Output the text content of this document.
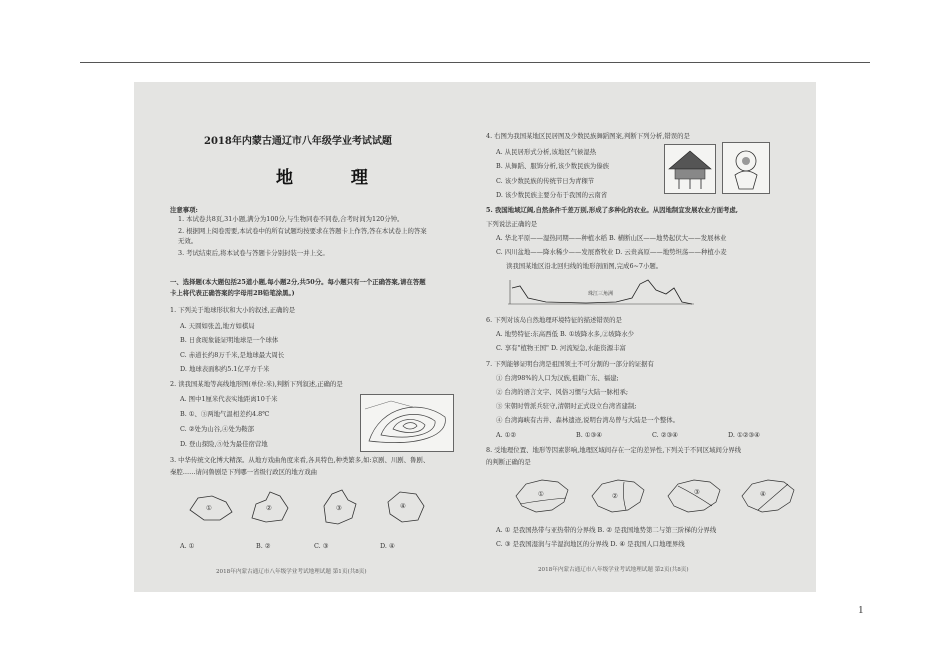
1
2018年内蒙古通辽市八年级学业考试试题
地 理
注意事项:
1. 本试卷共8页,31小题,满分为100分,与生物同卷不同卷,合考时间为120分钟。
2. 根据网上阅卷需要,本试卷中的所有试题均按要求在答题卡上作答,答在本试卷上的答案
无效。
3. 考试结束后,将本试卷与答题卡分别封装一并上交。
一、选择题(本大题包括25道小题,每小题2分,共50分。每小题只有一个正确答案,请在答题
卡上将代表正确答案的字母用2B铅笔涂黑。)
1. 下列关于地球形状和大小的叙述,正确的是
A. 天圆如张盖,地方如棋局
B. 日食现象能证明地球是一个球体
C. 赤道长约8万千米,是地球最大周长
D. 地球表面积约5.1亿平方千米
2. 读我国某地等高线地形图(单位:米),判断下列叙述,正确的是
A. 图中1厘米代表实地距离10千米
B. ①、③两地气温相差约4.8℃
C. ②处为山谷,④处为鞍部
D. 登山探险,⑤处为最佳宿营地
3. 中华传统文化博大精深。从地方戏曲角度来看,各具特色,种类繁多,如:京剧、川剧、鲁剧、
秦腔……请问鲁剧是下列哪一省级行政区的地方戏曲
①	②	③	④
A. ①	B. ②	C. ③	D. ④
2018年内蒙古通辽市八年级学业考试地理试题 第1页(共8页)
4. 右图为我国某地区民居图及少数民族舞蹈图案,判断下列分析,错误的是
A. 从民居形式分析,该地区气候湿热
B. 从舞蹈、服饰分析,该少数民族为傣族
C. 该少数民族的传统节日为青稞节
D. 该少数民族主要分布于我国的云南省
5. 我国地域辽阔,自然条件千差万别,形成了多种化的农业。从因地制宜发展农业方面考虑,
下列说法正确的是
A. 华北平原——湿热同期——种植水稻 B. 横断山区——地势起伏大——发展林业
C. 四川盆地——降水稀少——发展畜牧业 D. 云贵高原——地势坦荡——种植小麦
读我国某地区沿北回归线的地形剖面图,完成6~7小题。
珠江三角洲
6. 下列对该岛自然地理环境特征的描述错误的是
A. 地势特征:东高西低 B. ①坡降水多,②坡降水少
C. 享有"植物王国" D. 河流短急,水能资源丰富
7. 下列能够证明台湾是祖国领土不可分割的一部分的证据有
① 台湾98%的人口为汉族,祖籍广东、福建;
② 台湾的语言文字、风俗习惯与大陆一脉相承;
③ 宋朝时曾派兵驻守,清朝时正式设立台湾省建制;
④ 台湾海峡有古井、森林遗迹,说明台湾岛曾与大陆是一个整体。
A. ①②	B. ①③④	C. ②③④	D. ①②③④
8. 受地理位置、地形等因素影响,地理区域间存在一定的差异性,下列关于不同区域间分界线
的判断正确的是
①	②	③	④
A. ① 是我国热带与亚热带的分界线 B. ② 是我国地势第二与第三阶梯的分界线
C. ③ 是我国湿润与半湿润地区的分界线 D. ④ 是我国人口地理界线
2018年内蒙古通辽市八年级学业考试地理试题 第2页(共8页)
